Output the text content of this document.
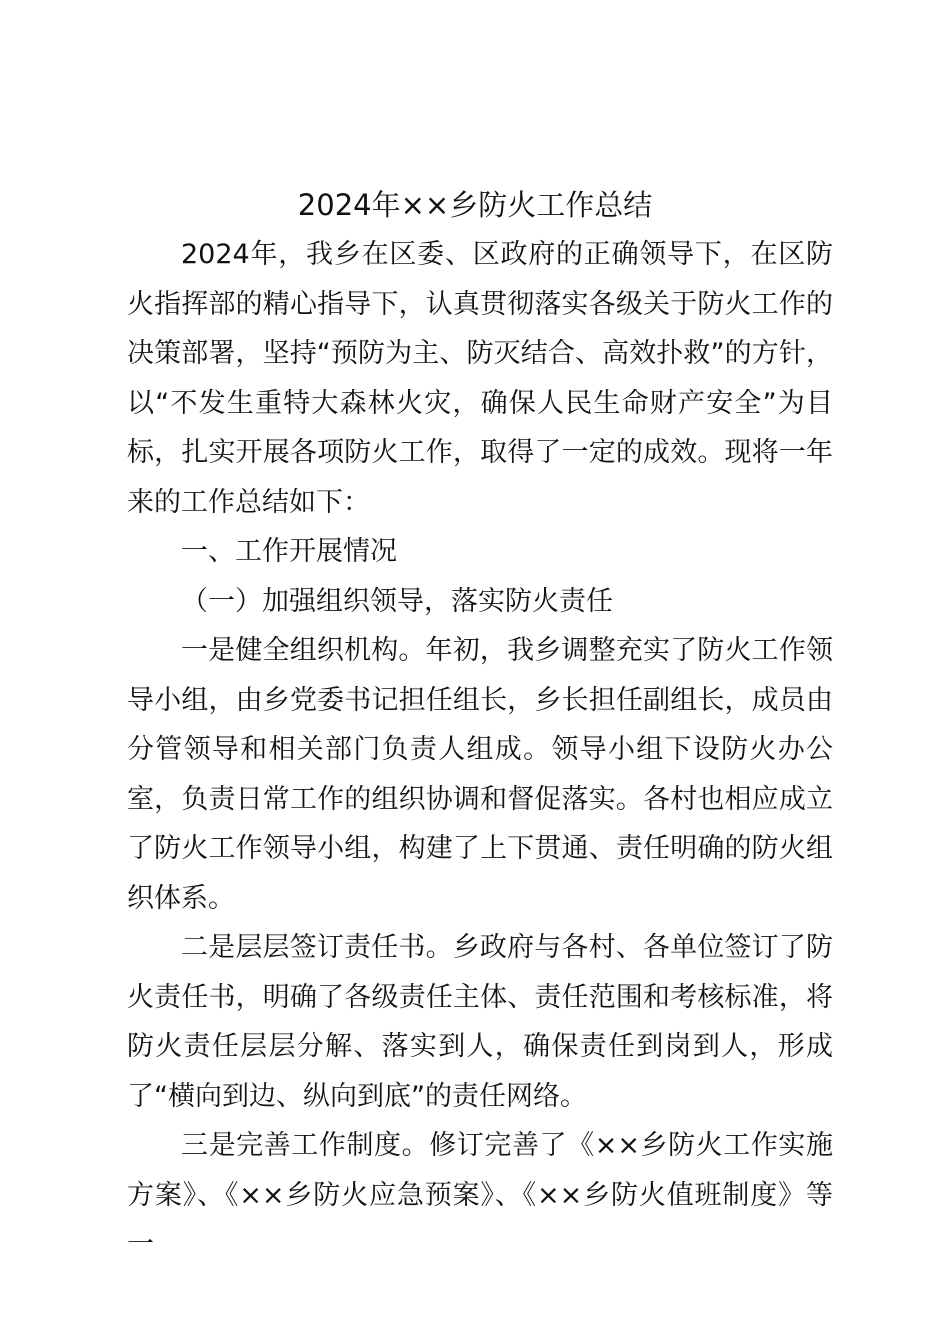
2024年××乡防火工作总结

2024年，我乡在区委、区政府的正确领导下，在区防火指挥部的精心指导下，认真贯彻落实各级关于防火工作的决策部署，坚持“预防为主、防灭结合、高效扑救”的方针，以“不发生重特大森林火灾，确保人民生命财产安全”为目标，扎实开展各项防火工作，取得了一定的成效。现将一年来的工作总结如下：

一、工作开展情况

（一）加强组织领导，落实防火责任

一是健全组织机构。年初，我乡调整充实了防火工作领导小组，由乡党委书记担任组长，乡长担任副组长，成员由分管领导和相关部门负责人组成。领导小组下设防火办公室，负责日常工作的组织协调和督促落实。各村也相应成立了防火工作领导小组，构建了上下贯通、责任明确的防火组织体系。

二是层层签订责任书。乡政府与各村、各单位签订了防火责任书，明确了各级责任主体、责任范围和考核标准，将防火责任层层分解、落实到人，确保责任到岗到人，形成了“横向到边、纵向到底”的责任网络。

三是完善工作制度。修订完善了《××乡防火工作实施方案》、《××乡防火应急预案》、《××乡防火值班制度》等一
